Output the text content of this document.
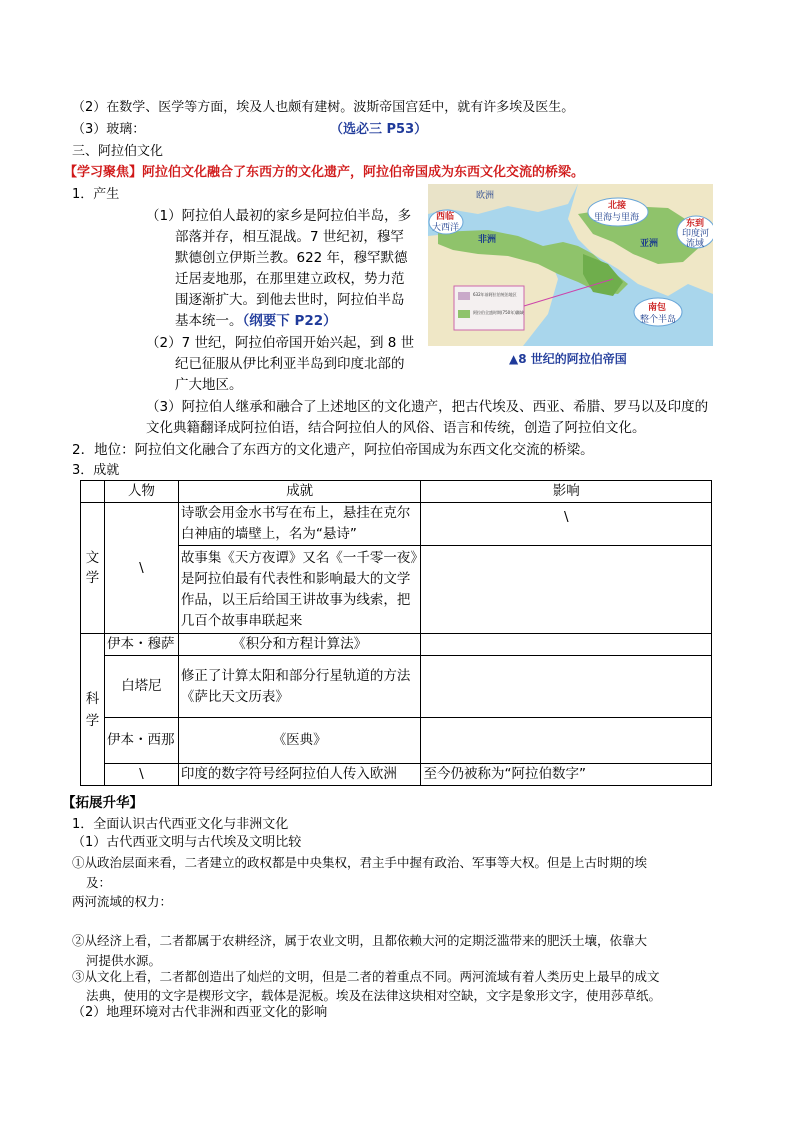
（2）在数学、医学等方面，埃及人也颇有建树。波斯帝国宫廷中，就有许多埃及医生。
（3）玻璃：	（选必三 P53）
三、阿拉伯文化
【学习聚焦】阿拉伯文化融合了东西方的文化遗产，阿拉伯帝国成为东西文化交流的桥梁。
1．产生
（1）阿拉伯人最初的家乡是阿拉伯半岛，多
部落并存，相互混战。7 世纪初，穆罕
默德创立伊斯兰教。622 年，穆罕默德
迁居麦地那，在那里建立政权，势力范
围逐渐扩大。到他去世时，阿拉伯半岛
基本统一。（纲要下 P22）
（2）7 世纪，阿拉伯帝国开始兴起，到 8 世
纪已征服从伊比利亚半岛到印度北部的
广大地区。
（3）阿拉伯人继承和融合了上述地区的文化遗产，把古代埃及、西亚、希腊、罗马以及印度的
文化典籍翻译成阿拉伯语，结合阿拉伯人的风俗、语言和传统，创造了阿拉伯文化。
2．地位：阿拉伯文化融合了东西方的文化遗产，阿拉伯帝国成为东西文化交流的桥梁。
3．成就
欧洲
西临
大西洋
北接
里海与里海
东到
印度河
流域
非洲	亚洲
南包
整个半岛
632年前阿拉伯统治地区
阿拉伯全盛时期(750年)疆域
▲8 世纪的阿拉伯帝国
	人物	成就	影响
文学	\	诗歌会用金水书写在布上，悬挂在克尔白神庙的墙壁上，名为“悬诗”	\
		故事集《天方夜谭》又名《一千零一夜》是阿拉伯最有代表性和影响最大的文学作品，以王后给国王讲故事为线索，把几百个故事串联起来	
科学	伊本・穆萨	《积分和方程计算法》	
	白塔尼	修正了计算太阳和部分行星轨道的方法
《萨比天文历表》	

	伊本・西那	《医典》	
	\	印度的数字符号经阿拉伯人传入欧洲	至今仍被称为“阿拉伯数字”
【拓展升华】
1．全面认识古代西亚文化与非洲文化
（1）古代西亚文明与古代埃及文明比较
①从政治层面来看，二者建立的政权都是中央集权，君主手中握有政治、军事等大权。但是上古时期的埃
及：
两河流域的权力：
②从经济上看，二者都属于农耕经济，属于农业文明，且都依赖大河的定期泛滥带来的肥沃土壤，依靠大
河提供水源。
③从文化上看，二者都创造出了灿烂的文明，但是二者的着重点不同。两河流域有着人类历史上最早的成文
法典，使用的文字是楔形文字，载体是泥板。埃及在法律这块相对空缺，文字是象形文字，使用莎草纸。
（2）地理环境对古代非洲和西亚文化的影响
